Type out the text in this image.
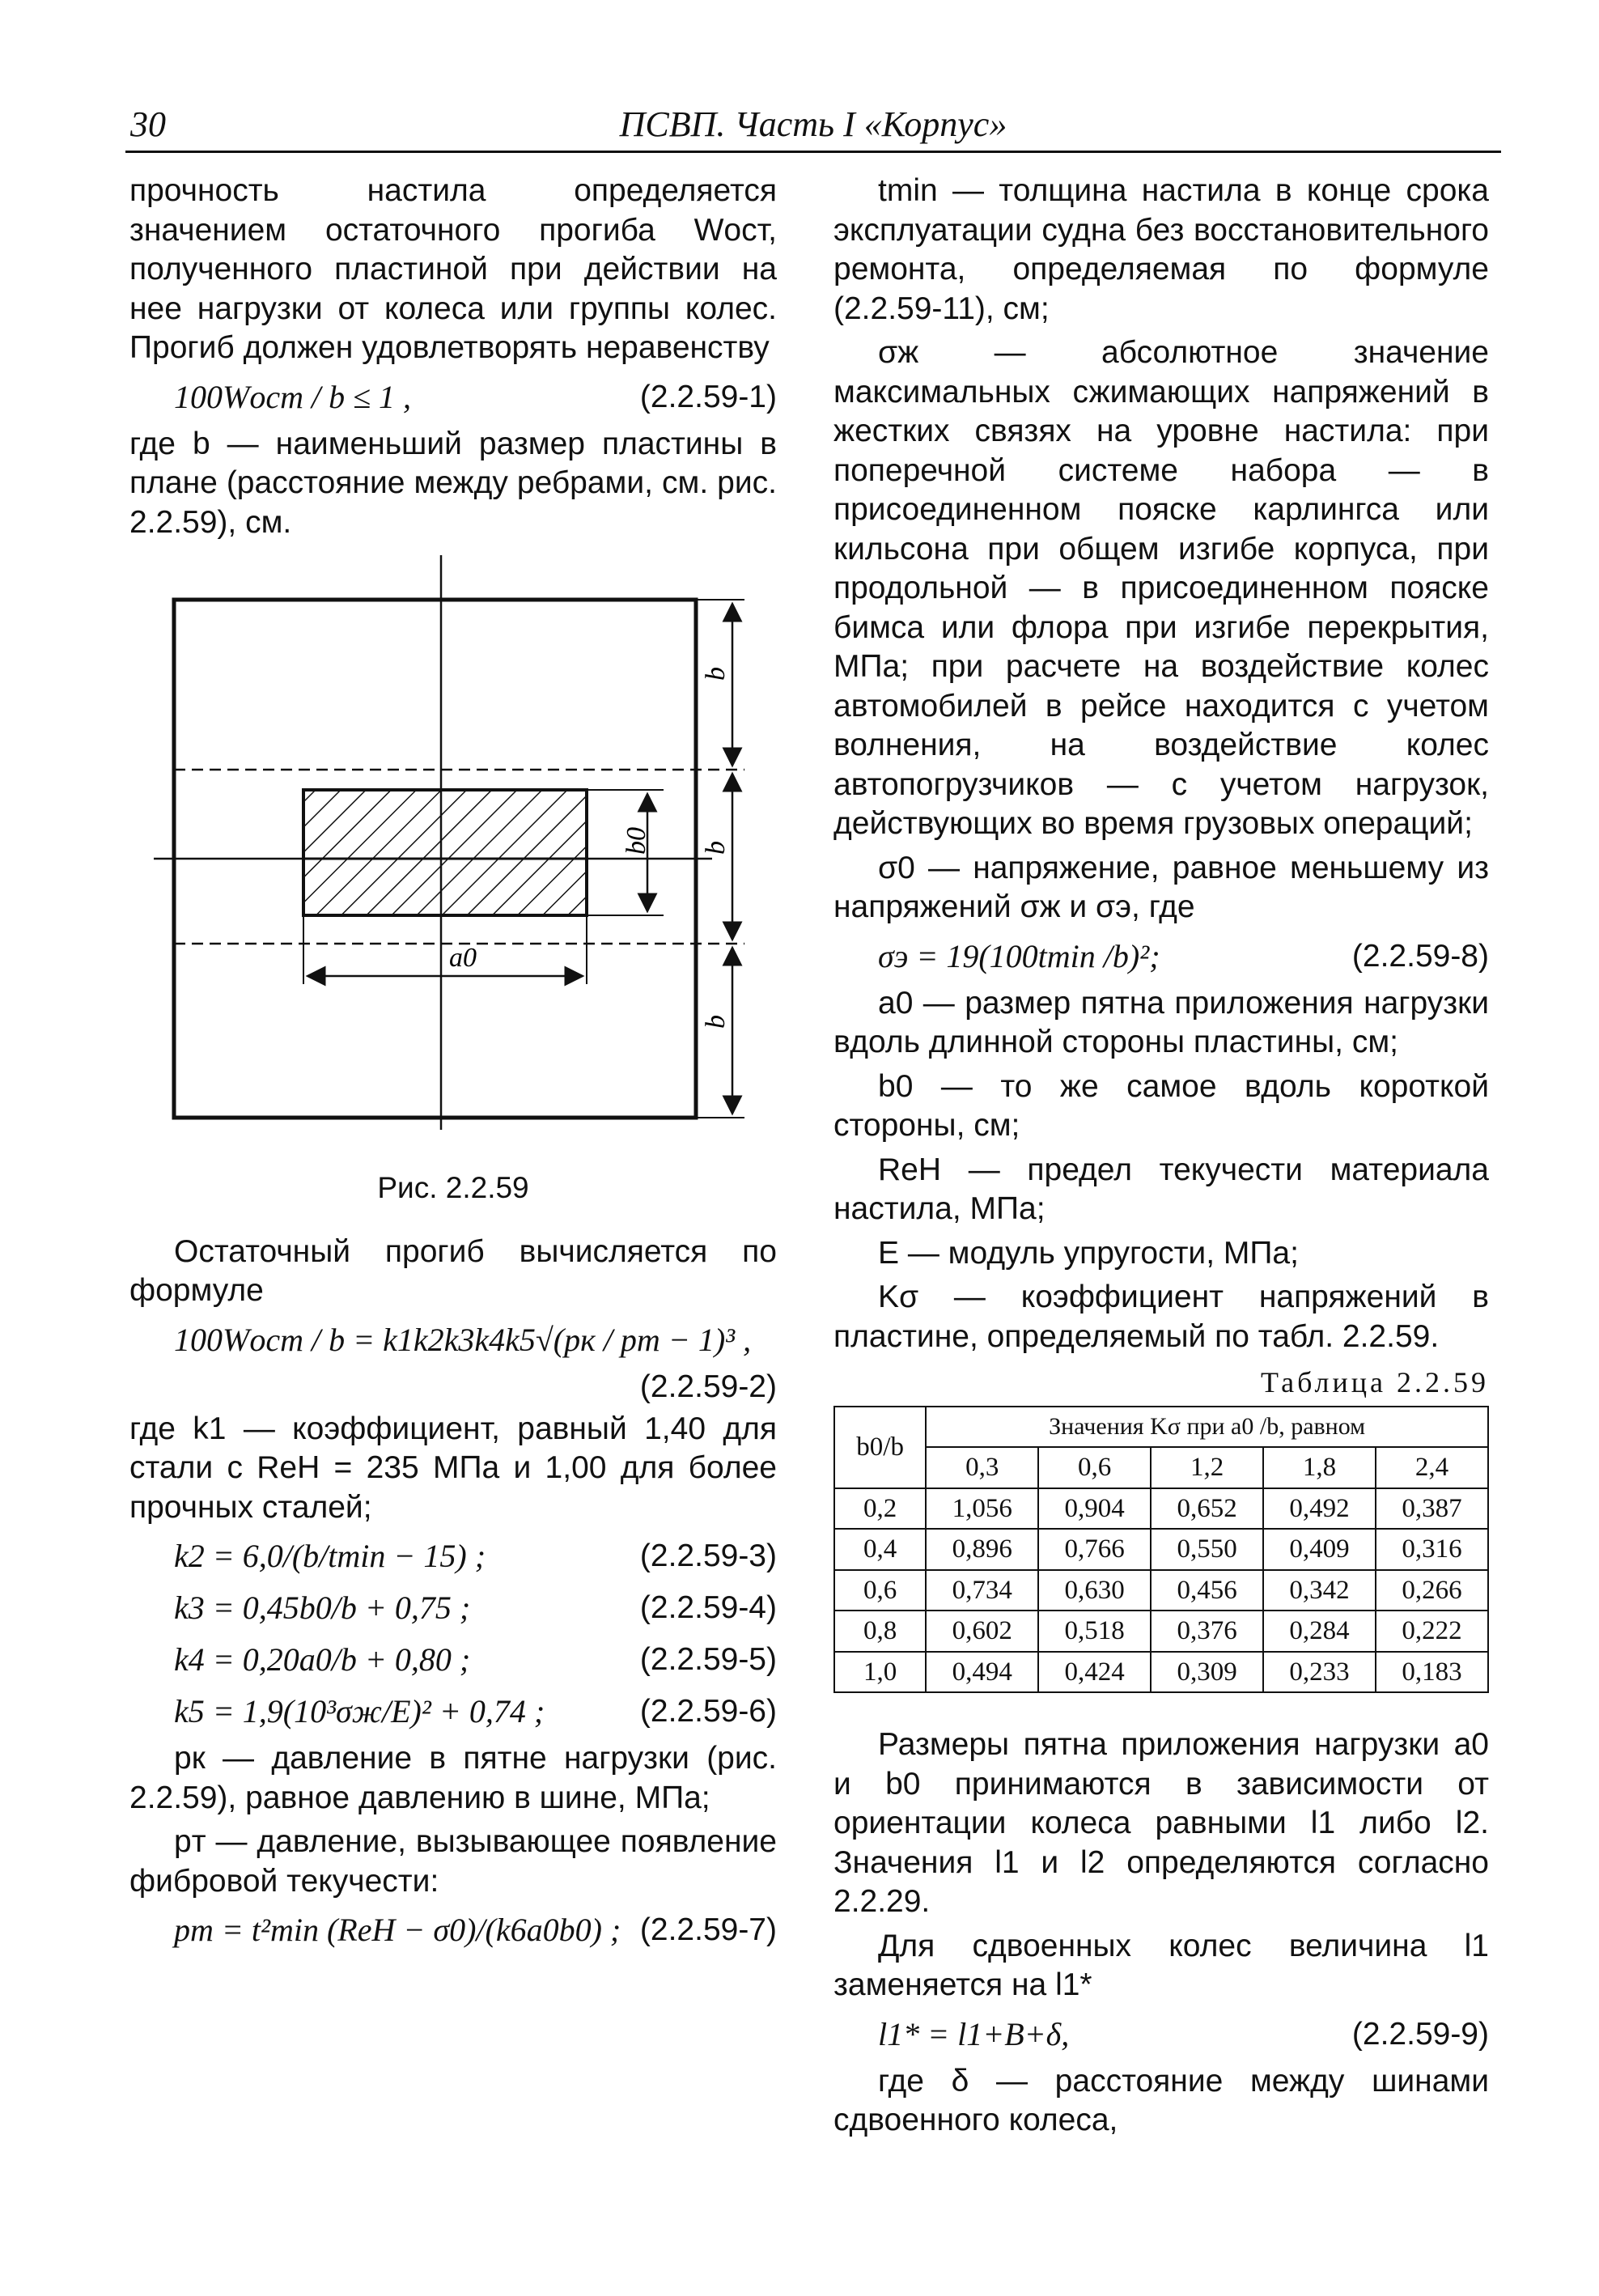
30	ПСВП. Часть I «Корпус»

прочность настила определяется значением остаточного прогиба Wост, полученного пластиной при действии на нее нагрузки от колеса или группы колес. Прогиб должен удовлетворять неравенству

100Wост / b ≤ 1 ,	(2.2.59-1)

где b — наименьший размер пластины в плане (расстояние между ребрами, см. рис. 2.2.59), см.

b0
a0
b
b
b
Рис. 2.2.59

Остаточный прогиб вычисляется по формуле

100Wост / b = k1k2k3k4k5√(pк / pт − 1)³ ,
(2.2.59-2)

где k1 — коэффициент, равный 1,40 для стали с ReH = 235 МПа и 1,00 для более прочных сталей;

k2 = 6,0/(b/tmin − 15) ;	(2.2.59-3)
k3 = 0,45b0/b + 0,75 ;	(2.2.59-4)
k4 = 0,20a0/b + 0,80 ;	(2.2.59-5)
k5 = 1,9(10³σж/E)² + 0,74 ;	(2.2.59-6)

pк — давление в пятне нагрузки (рис. 2.2.59), равное давлению в шине, МПа;

pт — давление, вызывающее появление фибровой текучести:

pт = t²min (ReH − σ0)/(k6a0b0) ; (2.2.59-7)

tmin — толщина настила в конце срока эксплуатации судна без восстановительного ремонта, определяемая по формуле (2.2.59-11), см;

σж — абсолютное значение максимальных сжимающих напряжений в жестких связях на уровне настила: при поперечной системе набора — в присоединенном пояске карлингса или кильсона при общем изгибе корпуса, при продольной — в присоединенном пояске бимса или флора при изгибе перекрытия, МПа; при расчете на воздействие колес автомобилей в рейсе находится с учетом волнения, на воздействие колес автопогрузчиков — с учетом нагрузок, действующих во время грузовых операций;

σ0 — напряжение, равное меньшему из напряжений σж и σэ, где

σэ = 19(100tmin /b)²;	(2.2.59-8)

a0 — размер пятна приложения нагрузки вдоль длинной стороны пластины, см;

b0 — то же самое вдоль короткой стороны, см;

ReH — предел текучести материала настила, МПа;

E — модуль упругости, МПа;

Kσ — коэффициент напряжений в пластине, определяемый по табл. 2.2.59.

Таблица 2.2.59
b0/b	Значения Kσ при a0 /b, равном				
	0,3	0,6	1,2	1,8	2,4
0,2	1,056	0,904	0,652	0,492	0,387
0,4	0,896	0,766	0,550	0,409	0,316
0,6	0,734	0,630	0,456	0,342	0,266
0,8	0,602	0,518	0,376	0,284	0,222
1,0	0,494	0,424	0,309	0,233	0,183

Размеры пятна приложения нагрузки a0 и b0 принимаются в зависимости от ориентации колеса равными l1 либо l2. Значения l1 и l2 определяются согласно 2.2.29.

Для сдвоенных колес величина l1 заменяется на l1*

l1* = l1+B+δ,	(2.2.59-9)

где δ — расстояние между шинами сдвоенного колеса,
